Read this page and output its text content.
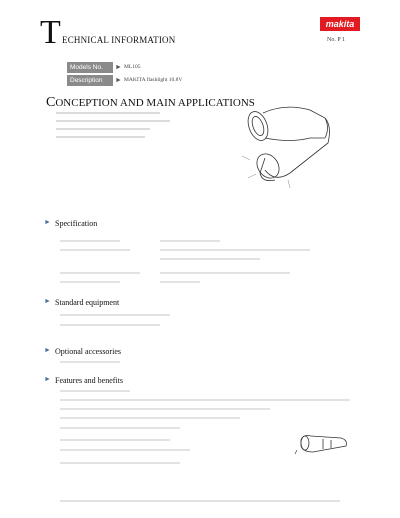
T ECHNICAL INFORMATION
makita
No. P 1
Models No.	► ML105
Description	► MAKITA flashlight 10.8V
CONCEPTION AND MAIN APPLICATIONS
► Specification
► Standard equipment
► Optional accessories
► Features and benefits
